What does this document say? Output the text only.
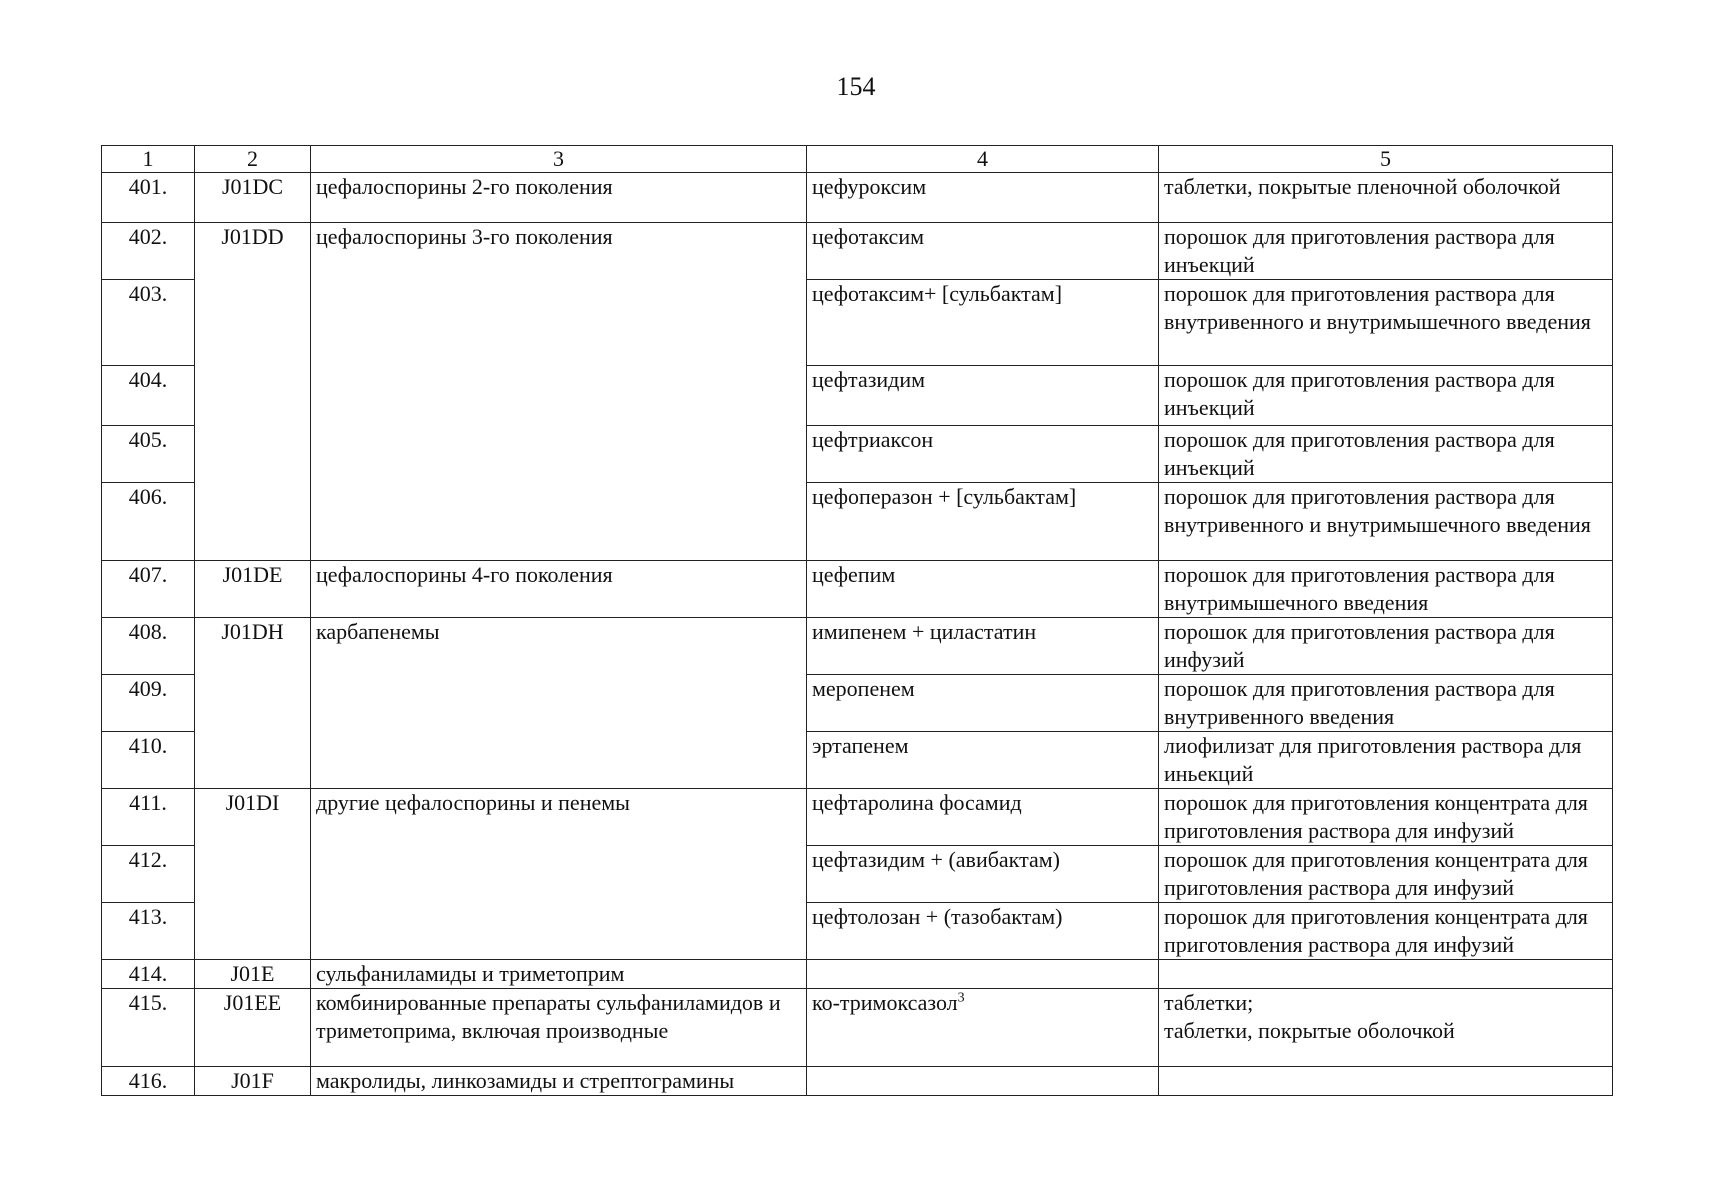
154
1	2	3	4	5
401.	J01DC	цефалоспорины 2-го поколения	цефуроксим	таблетки, покрытые пленочной оболочкой
402.	J01DD	цефалоспорины 3-го поколения	цефотаксим	порошок для приготовления раствора для инъекций
403.			цефотаксим+ [сульбактам]	порошок для приготовления раствора для внутривенного и внутримышечного введения
404.			цефтазидим	порошок для приготовления раствора для инъекций
405.			цефтриаксон	порошок для приготовления раствора для инъекций
406.			цефоперазон + [сульбактам]	порошок для приготовления раствора для внутривенного и внутримышечного введения
407.	J01DE	цефалоспорины 4-го поколения	цефепим	порошок для приготовления раствора для внутримышечного введения
408.	J01DH	карбапенемы	имипенем + циластатин	порошок для приготовления раствора для инфузий
409.			меропенем	порошок для приготовления раствора для внутривенного введения
410.			эртапенем	лиофилизат для приготовления раствора для иньекций
411.	J01DI	другие цефалоспорины и пенемы	цефтаролина фосамид	порошок для приготовления концентрата для приготовления раствора для инфузий
412.			цефтазидим + (авибактам)	порошок для приготовления концентрата для приготовления раствора для инфузий
413.			цефтолозан + (тазобактам)	порошок для приготовления концентрата для приготовления раствора для инфузий
414.	J01E	сульфаниламиды и триметоприм		
415.	J01EE	комбинированные препараты сульфаниламидов и триметоприма, включая производные	ко-тримоксазол$^3$	таблетки;
таблетки, покрытые оболочкой
416.	J01F	макролиды, линкозамиды и стрептограмины		
